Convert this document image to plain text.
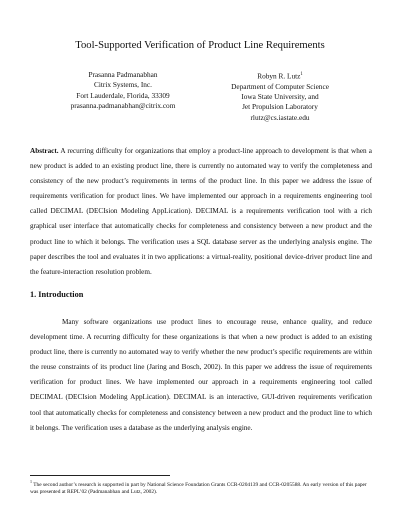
Tool-Supported Verification of Product Line Requirements
Prasanna Padmanabhan
Citrix Systems, Inc.
Fort Lauderdale, Florida, 33309
prasanna.padmanabhan@citrix.com
Robyn R. Lutz$^1$
Department of Computer Science
Iowa State University, and
Jet Propulsion Laboratory
rlutz@cs.iastate.edu
Abstract. A recurring difficulty for organizations that employ a product-line approach to development is that when a new product is added to an existing product line, there is currently no automated way to verify the completeness and consistency of the new product’s requirements in terms of the product line. In this paper we address the issue of requirements verification for product lines. We have implemented our approach in a requirements engineering tool called DECIMAL (DECIsion Modeling AppLication). DECIMAL is a requirements verification tool with a rich graphical user interface that automatically checks for completeness and consistency between a new product and the product line to which it belongs. The verification uses a SQL database server as the underlying analysis engine. The paper describes the tool and evaluates it in two applications: a virtual-reality, positional device-driver product line and the feature-interaction resolution problem.
1. Introduction
Many software organizations use product lines to encourage reuse, enhance quality, and reduce development time. A recurring difficulty for these organizations is that when a new product is added to an existing product line, there is currently no automated way to verify whether the new product’s specific requirements are within the reuse constraints of its product line (Jaring and Bosch, 2002). In this paper we address the issue of requirements verification for product lines. We have implemented our approach in a requirements engineering tool called DECIMAL (DECIsion Modeling AppLication). DECIMAL is an interactive, GUI-driven requirements verification tool that automatically checks for completeness and consistency between a new product and the product line to which it belongs. The verification uses a database as the underlying analysis engine.
$^1$ The second author’s research is supported in part by National Science Foundation Grants CCR-0204139 and CCR-0205588. An early version of this paper was presented at REPL’02 (Padmanabhan and Lutz, 2002).
